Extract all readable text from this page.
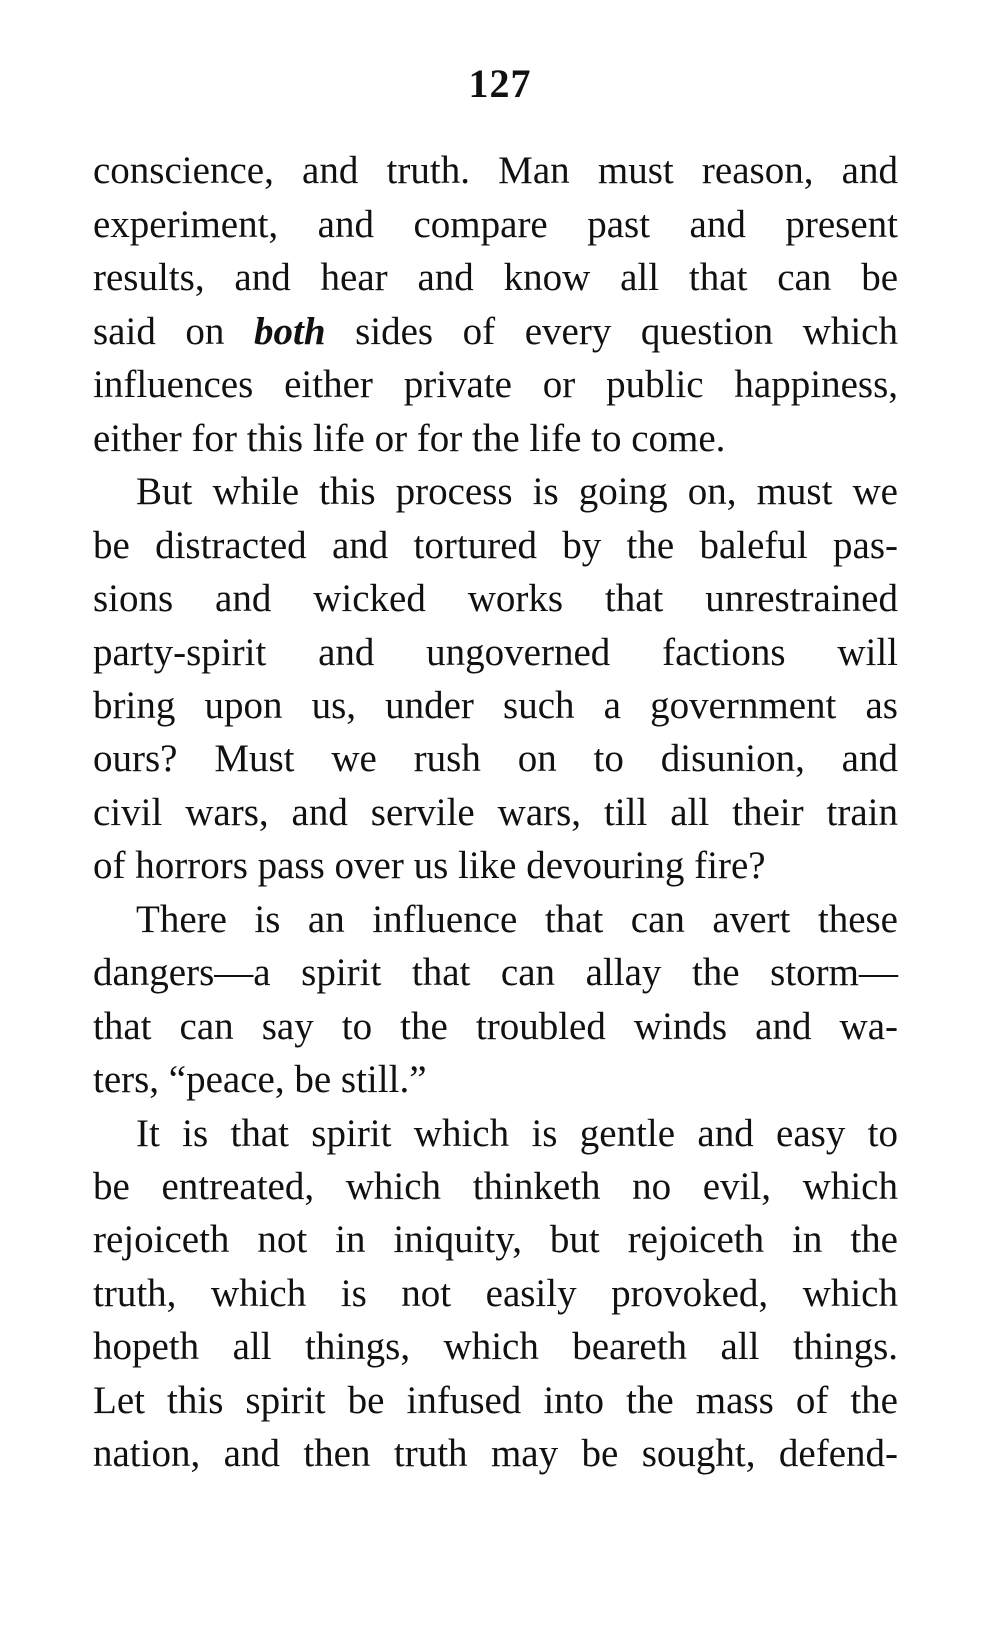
127
conscience, and truth. Man must reason, and
experiment, and compare past and present
results, and hear and know all that can be
said on both sides of every question which
influences either private or public happiness,
either for this life or for the life to come.
But while this process is going on, must we
be distracted and tortured by the baleful pas-
sions and wicked works that unrestrained
party-spirit and ungoverned factions will
bring upon us, under such a government as
ours? Must we rush on to disunion, and
civil wars, and servile wars, till all their train
of horrors pass over us like devouring fire?
There is an influence that can avert these
dangers—a spirit that can allay the storm—
that can say to the troubled winds and wa-
ters, “peace, be still.”
It is that spirit which is gentle and easy to
be entreated, which thinketh no evil, which
rejoiceth not in iniquity, but rejoiceth in the
truth, which is not easily provoked, which
hopeth all things, which beareth all things.
Let this spirit be infused into the mass of the
nation, and then truth may be sought, defend-
